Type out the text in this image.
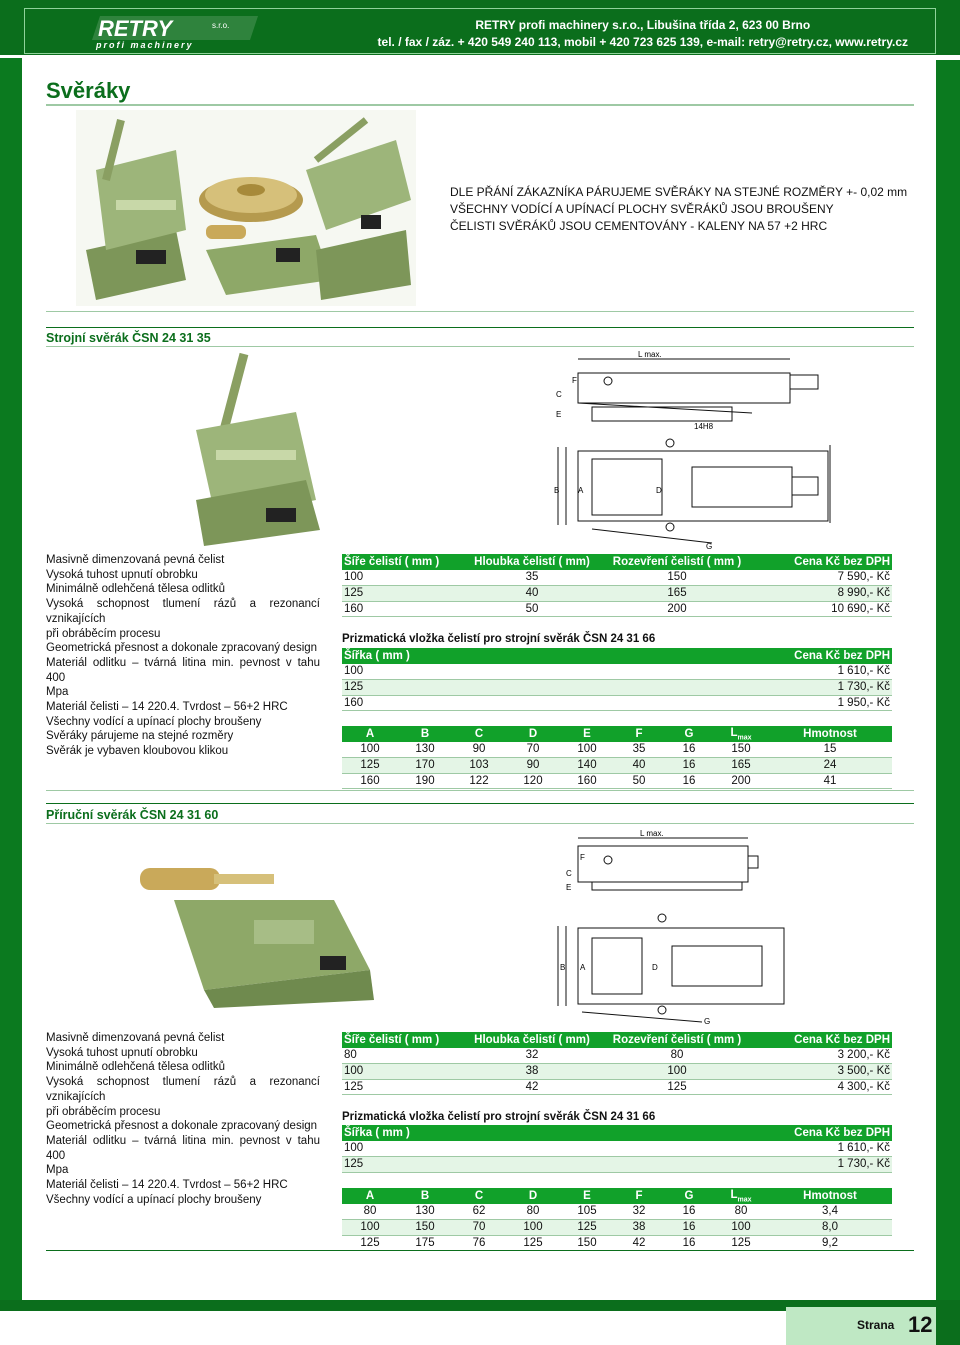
RETRY	s.r.o.
profi machinery
RETRY profi machinery s.r.o., Libušina třída 2, 623 00 Brno
tel. / fax / záz. + 420 549 240 113, mobil + 420 723 625 139, e-mail: retry@retry.cz, www.retry.cz
Svěráky
DLE PŘÁNÍ ZÁKAZNÍKA PÁRUJEME SVĚRÁKY NA STEJNÉ ROZMĚRY +- 0,02 mm
VŠECHNY VODÍCÍ A UPÍNACÍ PLOCHY SVĚRÁKŮ JSOU BROUŠENY
ČELISTI SVĚRÁKŮ JSOU CEMENTOVÁNY - KALENY NA 57 +2 HRC
Strojní svěrák ČSN 24 31 35
L max.
F
C
E
14H8
B A	D
G
Masivně dimenzovaná pevná čelist
Vysoká tuhost upnutí obrobku
Minimálně odlehčená tělesa odlitků
Vysoká schopnost tlumení rázů a rezonancí vznikajících
při obráběcím procesu
Geometrická přesnost a dokonale zpracovaný design
Materiál odlitku – tvárná litina min. pevnost v tahu 400
Mpa
Materiál čelisti – 14 220.4. Tvrdost – 56+2 HRC
Všechny vodící a upínací plochy broušeny
Svěráky párujeme na stejné rozměry
Svěrák je vybaven kloubovou klikou
Šíře čelistí ( mm )	Hloubka čelistí ( mm)	Rozevření čelistí ( mm )	Cena Kč bez DPH
100	35	150	7 590,- Kč
125	40	165	8 990,- Kč
160	50	200	10 690,- Kč
Prizmatická vložka čelistí pro strojní svěrák ČSN 24 31 66
Šířka ( mm )	Cena Kč bez DPH
100	1 610,- Kč
125	1 730,- Kč
160	1 950,- Kč
A	B	C	D	E	F	G	$L_{max}$	Hmotnost
100	130	90	70	100	35	16	150	15
125	170	103	90	140	40	16	165	24
160	190	122	120	160	50	16	200	41
Příruční svěrák ČSN 24 31 60
L max.
F
C
E
B A	D
G
Masivně dimenzovaná pevná čelist
Vysoká tuhost upnutí obrobku
Minimálně odlehčená tělesa odlitků
Vysoká schopnost tlumení rázů a rezonancí vznikajících
při obráběcím procesu
Geometrická přesnost a dokonale zpracovaný design
Materiál odlitku – tvárná litina min. pevnost v tahu 400
Mpa
Materiál čelisti – 14 220.4. Tvrdost – 56+2 HRC
Všechny vodící a upínací plochy broušeny
Šíře čelistí ( mm )	Hloubka čelistí ( mm)	Rozevření čelistí ( mm )	Cena Kč bez DPH
80	32	80	3 200,- Kč
100	38	100	3 500,- Kč
125	42	125	4 300,- Kč
Prizmatická vložka čelistí pro strojní svěrák ČSN 24 31 66
Šířka ( mm )	Cena Kč bez DPH
100	1 610,- Kč
125	1 730,- Kč
A	B	C	D	E	F	G	$L_{max}$	Hmotnost
80	130	62	80	105	32	16	80	3,4
100	150	70	100	125	38	16	100	8,0
125	175	76	125	150	42	16	125	9,2
Strana 12
